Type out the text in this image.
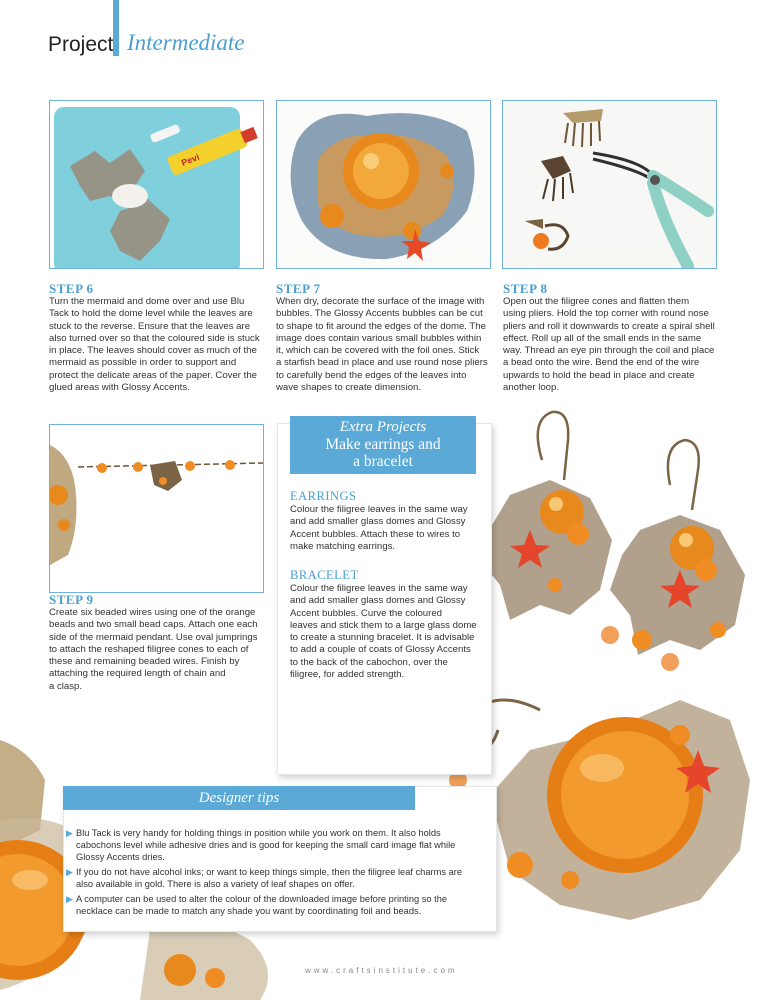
Project Intermediate
Pevi
STEP 6
Turn the mermaid and dome over and use Blu
Tack to hold the dome level while the leaves are
stuck to the reverse. Ensure that the leaves are
also turned over so that the coloured side is stuck
in place. The leaves should cover as much of the
mermaid as possible in order to support and
protect the delicate areas of the paper. Cover the
glued areas with Glossy Accents.
STEP 7
When dry, decorate the surface of the image with
bubbles. The Glossy Accents bubbles can be cut
to shape to fit around the edges of the dome. The
image does contain various small bubbles within
it, which can be covered with the foil ones. Stick
a starfish bead in place and use round nose pliers
to carefully bend the edges of the leaves into
wave shapes to create dimension.
STEP 8
Open out the filigree cones and flatten them
using pliers. Hold the top corner with round nose
pliers and roll it downwards to create a spiral shell
effect. Roll up all of the small ends in the same
way. Thread an eye pin through the coil and place
a bead onto the wire. Bend the end of the wire
upwards to hold the bead in place and create
another loop.
STEP 9
Create six beaded wires using one of the orange
beads and two small bead caps. Attach one each
side of the mermaid pendant. Use oval jumprings
to attach the reshaped filigree cones to each of
these and remaining beaded wires. Finish by
attaching the required length of chain and
a clasp.
Extra Projects
Make earrings and
a bracelet
EARRINGS
Colour the filigree leaves in the same way
and add smaller glass domes and Glossy
Accent bubbles. Attach these to wires to
make matching earrings.
BRACELET
Colour the filigree leaves in the same way
and add smaller glass domes and Glossy
Accent bubbles. Curve the coloured
leaves and stick them to a large glass dome
to create a stunning bracelet. It is advisable
to add a couple of coats of Glossy Accents
to the back of the cabochon, over the
filigree, for added strength.
Designer tips
▶ Blu Tack is very handy for holding things in position while you work on them. It also holds
cabochons level while adhesive dries and is good for keeping the small card image flat while
Glossy Accents dries.
▶ If you do not have alcohol inks; or want to keep things simple, then the filigree leaf charms are
also available in gold. There is also a variety of leaf shapes on offer.
▶ A computer can be used to alter the colour of the downloaded image before printing so the
necklace can be made to match any shade you want by coordinating foil and beads.
www.craftsinstitute.com
